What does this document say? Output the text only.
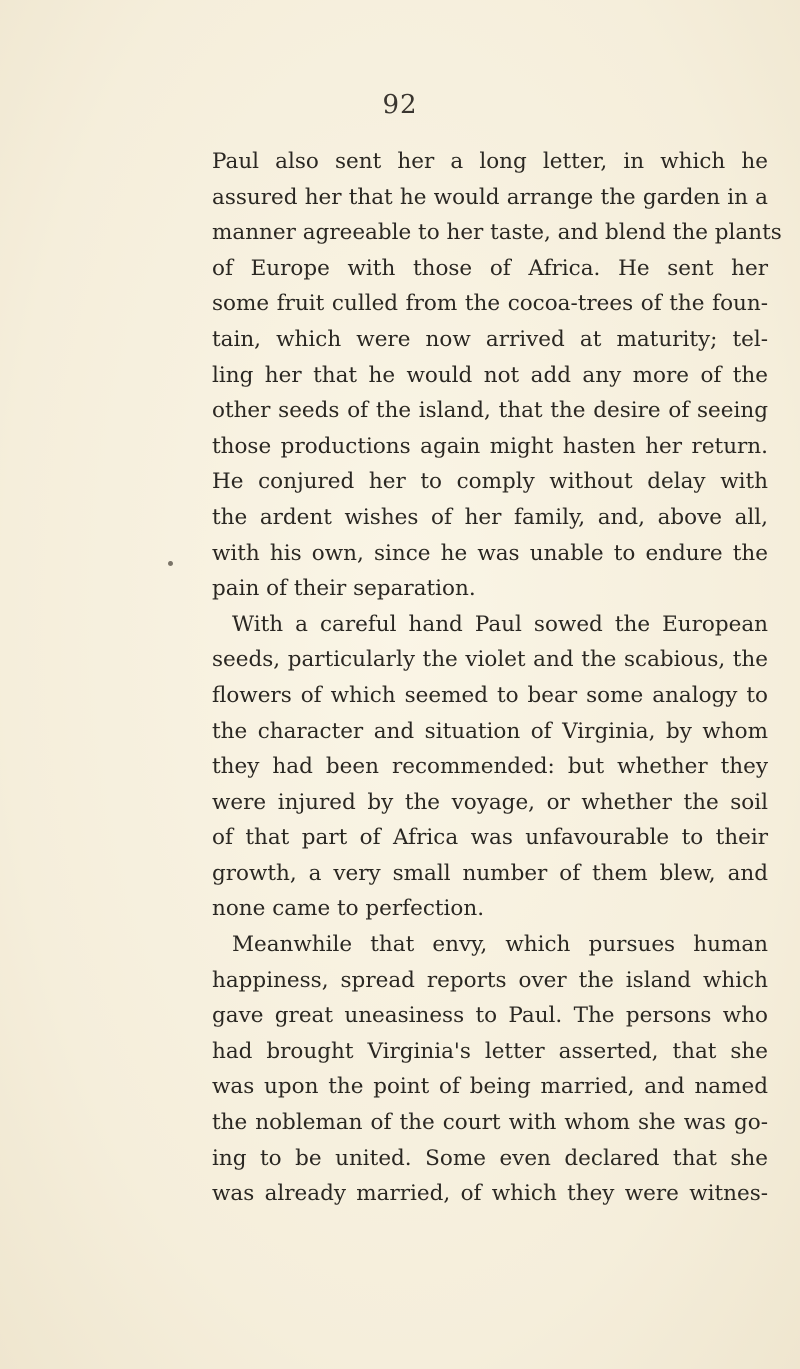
92
Paul also sent her a long letter, in which he
assured her that he would arrange the garden in a
manner agreeable to her taste, and blend the plants
of Europe with those of Africa. He sent her
some fruit culled from the cocoa-trees of the foun-
tain, which were now arrived at maturity; tel-
ling her that he would not add any more of the
other seeds of the island, that the desire of seeing
those productions again might hasten her return.
He conjured her to comply without delay with
the ardent wishes of her family, and, above all,
with his own, since he was unable to endure the
pain of their separation.
With a careful hand Paul sowed the European
seeds, particularly the violet and the scabious, the
flowers of which seemed to bear some analogy to
the character and situation of Virginia, by whom
they had been recommended: but whether they
were injured by the voyage, or whether the soil
of that part of Africa was unfavourable to their
growth, a very small number of them blew, and
none came to perfection.
Meanwhile that envy, which pursues human
happiness, spread reports over the island which
gave great uneasiness to Paul. The persons who
had brought Virginia's letter asserted, that she
was upon the point of being married, and named
the nobleman of the court with whom she was go-
ing to be united. Some even declared that she
was already married, of which they were witnes-
